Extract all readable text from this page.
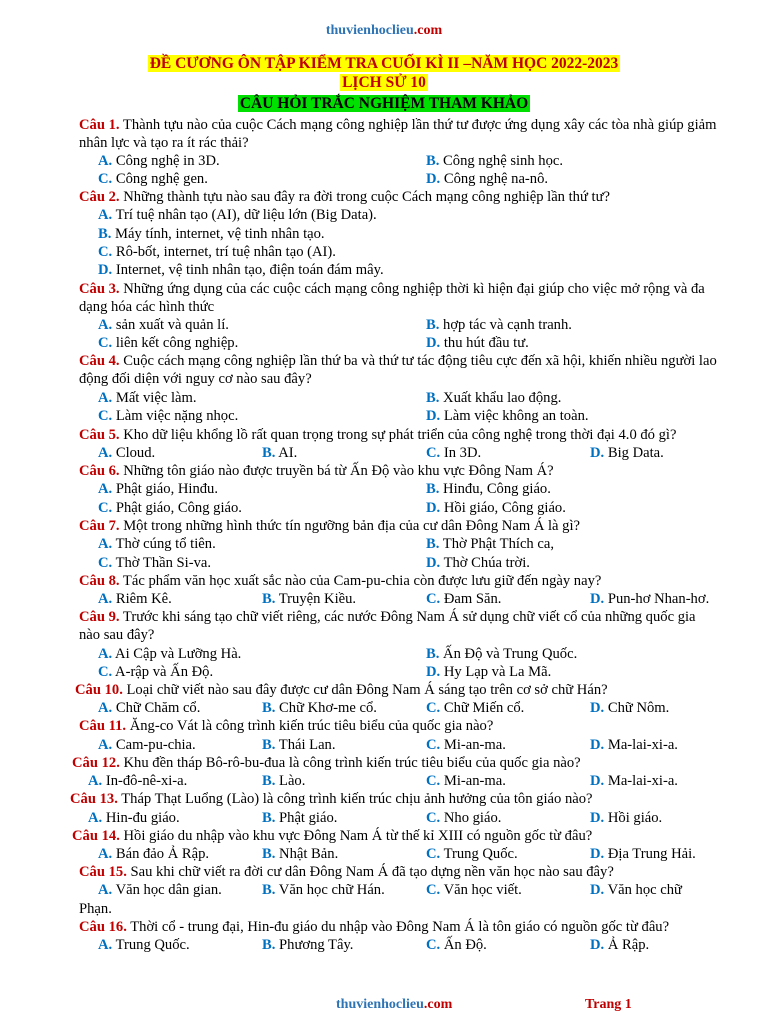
thuvienhoclieu.com
ĐỀ CƯƠNG ÔN TẬP KIỂM TRA CUỐI KÌ II –NĂM HỌC 2022-2023
LỊCH SỬ 10
CÂU HỎI TRẮC NGHIỆM THAM KHẢO
Câu 1. Thành tựu nào của cuộc Cách mạng công nghiệp lần thứ tư được ứng dụng xây các tòa nhà giúp giảm nhân lực và tạo ra ít rác thải?
A. Công nghệ in 3D.	B. Công nghệ sinh học.
C. Công nghệ gen.	D. Công nghệ na-nô.
Câu 2. Những thành tựu nào sau đây ra đời trong cuộc Cách mạng công nghiệp lần thứ tư?
A. Trí tuệ nhân tạo (AI), dữ liệu lớn (Big Data).
B. Máy tính, internet, vệ tinh nhân tạo.
C. Rô-bốt, internet, trí tuệ nhân tạo (AI).
D. Internet, vệ tinh nhân tạo, điện toán đám mây.
Câu 3. Những ứng dụng của các cuộc cách mạng công nghiệp thời kì hiện đại giúp cho việc mở rộng và đa dạng hóa các hình thức
A. sản xuất và quản lí.	B. hợp tác và cạnh tranh.
C. liên kết công nghiệp.	D. thu hút đầu tư.
Câu 4. Cuộc cách mạng công nghiệp lần thứ ba và thứ tư tác động tiêu cực đến xã hội, khiến nhiều người lao động đối diện với nguy cơ nào sau đây?
A. Mất việc làm.	B. Xuất khẩu lao động.
C. Làm việc nặng nhọc.	D. Làm việc không an toàn.
Câu 5. Kho dữ liệu khổng lồ rất quan trọng trong sự phát triển của công nghệ trong thời đại 4.0 đó gì?
A. Cloud.	B. AI.	C. In 3D.	D. Big Data.
Câu 6. Những tôn giáo nào được truyền bá từ Ấn Độ vào khu vực Đông Nam Á?
A. Phật giáo, Hinđu.	B. Hinđu, Công giáo.
C. Phật giáo, Công giáo.	D. Hồi giáo, Công giáo.
Câu 7. Một trong những hình thức tín ngưỡng bản địa của cư dân Đông Nam Á là gì?
A. Thờ cúng tổ tiên.	B. Thờ Phật Thích ca,
C. Thờ Thần Si-va.	D. Thờ Chúa trời.
Câu 8. Tác phẩm văn học xuất sắc nào của Cam-pu-chia còn được lưu giữ đến ngày nay?
A. Riêm Kê.	B. Truyện Kiều.	C. Đam Săn.	D. Pun-hơ Nhan-hơ.
Câu 9. Trước khi sáng tạo chữ viết riêng, các nước Đông Nam Á sử dụng chữ viết cổ của những quốc gia nào sau đây?
A. Ai Cập và Lưỡng Hà.	B. Ấn Độ và Trung Quốc.
C. A-rập và Ấn Độ.	D. Hy Lạp và La Mã.
Câu 10. Loại chữ viết nào sau đây được cư dân Đông Nam Á sáng tạo trên cơ sở chữ Hán?
A. Chữ Chăm cổ.	B. Chữ Khơ-me cổ.	C. Chữ Miến cổ.	D. Chữ Nôm.
Câu 11. Ăng-co Vát là công trình kiến trúc tiêu biểu của quốc gia nào?
A. Cam-pu-chia.	B. Thái Lan.	C. Mi-an-ma.	D. Ma-lai-xi-a.
Câu 12. Khu đền tháp Bô-rô-bu-đua là công trình kiến trúc tiêu biểu của quốc gia nào?
A. In-đô-nê-xi-a.	B. Lào.	C. Mi-an-ma.	D. Ma-lai-xi-a.
Câu 13. Tháp Thạt Luổng (Lào) là công trình kiến trúc chịu ảnh hưởng của tôn giáo nào?
A. Hin-đu giáo.	B. Phật giáo.	C. Nho giáo.	D. Hồi giáo.
Câu 14. Hồi giáo du nhập vào khu vực Đông Nam Á từ thế kỉ XIII có nguồn gốc từ đâu?
A. Bán đảo Ả Rập.	B. Nhật Bản.	C. Trung Quốc.	D. Địa Trung Hải.
Câu 15. Sau khi chữ viết ra đời cư dân Đông Nam Á đã tạo dựng nền văn học nào sau đây?
A. Văn học dân gian.	B. Văn học chữ Hán.	C. Văn học viết.	D. Văn học chữ
Phạn.
Câu 16. Thời cổ - trung đại, Hin-đu giáo du nhập vào Đông Nam Á là tôn giáo có nguồn gốc từ đâu?
A. Trung Quốc.	B. Phương Tây.	C. Ấn Độ.	D. Ả Rập.
thuvienhoclieu.com	Trang 1
